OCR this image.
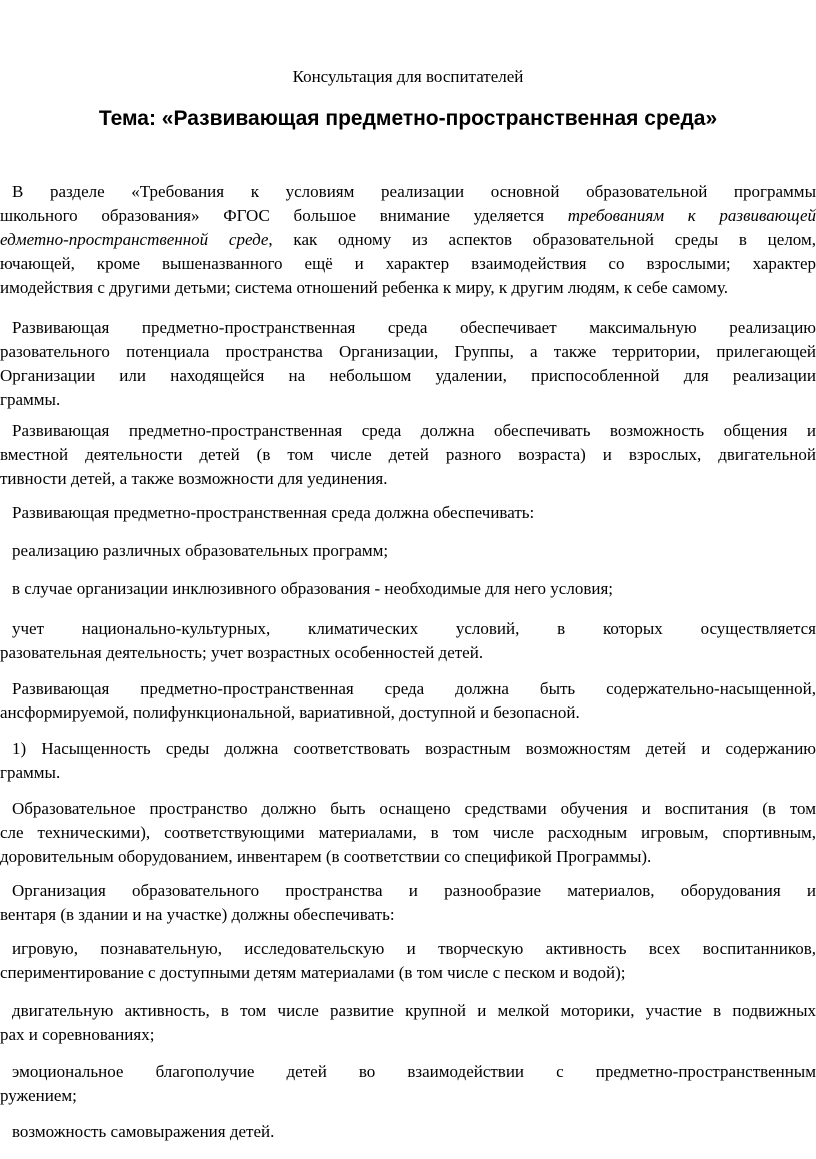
Консультация для воспитателей
Тема: «Развивающая предметно-пространственная среда»
В разделе «Требования к условиям реализации основной образовательной программы
школьного образования» ФГОС большое внимание уделяется требованиям к развивающей
едметно-пространственной среде, как одному из аспектов образовательной среды в целом,
ючающей, кроме вышеназванного ещё и характер взаимодействия со взрослыми; характер
имодействия с другими детьми; система отношений ребенка к миру, к другим людям, к себе самому.
Развивающая предметно-пространственная среда обеспечивает максимальную реализацию
разовательного потенциала пространства Организации, Группы, а также территории, прилегающей
Организации или находящейся на небольшом удалении, приспособленной для реализации
граммы.
Развивающая предметно-пространственная среда должна обеспечивать возможность общения и
вместной деятельности детей (в том числе детей разного возраста) и взрослых, двигательной
тивности детей, а также возможности для уединения.
Развивающая предметно-пространственная среда должна обеспечивать:
реализацию различных образовательных программ;
в случае организации инклюзивного образования - необходимые для него условия;
учет национально-культурных, климатических условий, в которых осуществляется
разовательная деятельность; учет возрастных особенностей детей.
Развивающая предметно-пространственная среда должна быть содержательно-насыщенной,
ансформируемой, полифункциональной, вариативной, доступной и безопасной.
1) Насыщенность среды должна соответствовать возрастным возможностям детей и содержанию
граммы.
Образовательное пространство должно быть оснащено средствами обучения и воспитания (в том
сле техническими), соответствующими материалами, в том числе расходным игровым, спортивным,
доровительным оборудованием, инвентарем (в соответствии со спецификой Программы).
Организация образовательного пространства и разнообразие материалов, оборудования и
вентаря (в здании и на участке) должны обеспечивать:
игровую, познавательную, исследовательскую и творческую активность всех воспитанников,
спериментирование с доступными детям материалами (в том числе с песком и водой);
двигательную активность, в том числе развитие крупной и мелкой моторики, участие в подвижных
рах и соревнованиях;
эмоциональное благополучие детей во взаимодействии с предметно-пространственным
ружением;
возможность самовыражения детей.
